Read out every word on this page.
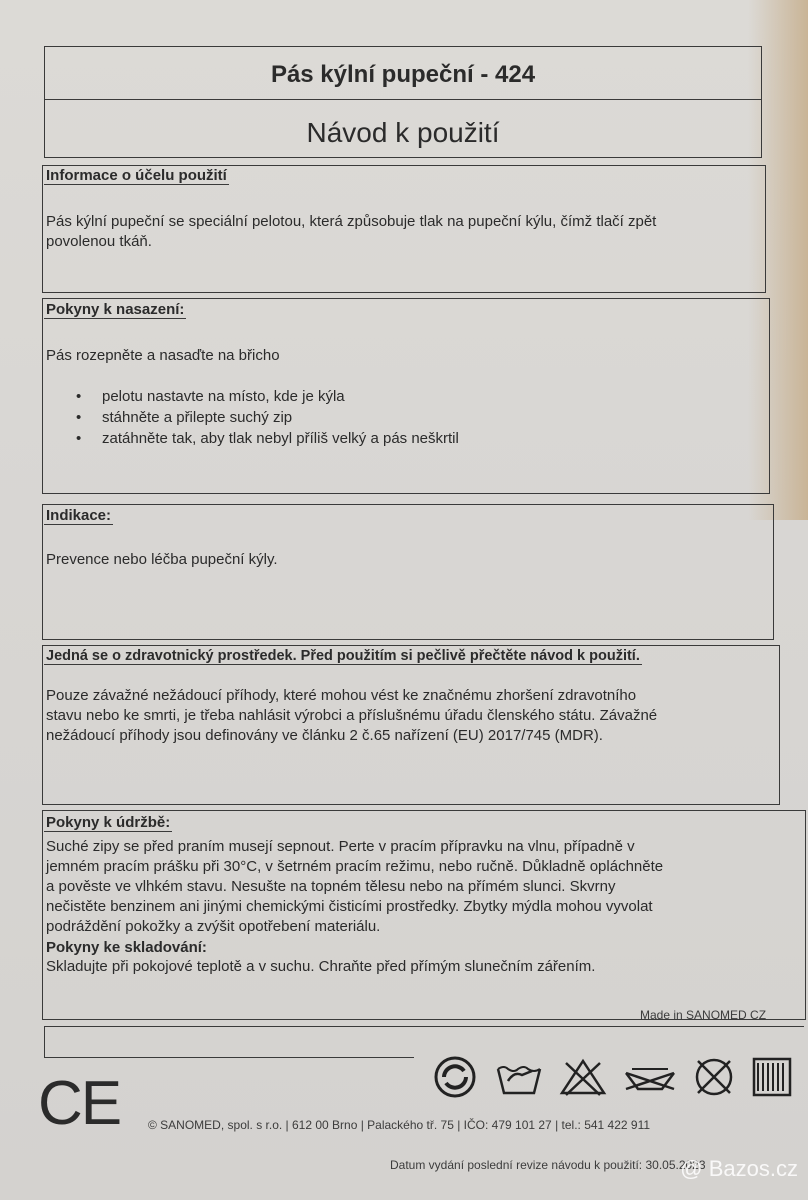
Pás kýlní pupeční - 424
Návod k použití
Informace o účelu použití
Pás kýlní pupeční se speciální pelotou, která způsobuje tlak na pupeční kýlu, čímž tlačí zpět
povolenou tkáň.
Pokyny k nasazení:
Pás rozepněte a nasaďte na břicho
• pelotu nastavte na místo, kde je kýla
• stáhněte a přilepte suchý zip
• zatáhněte tak, aby tlak nebyl příliš velký a pás neškrtil
Indikace:
Prevence nebo léčba pupeční kýly.
Jedná se o zdravotnický prostředek. Před použitím si pečlivě přečtěte návod k použití.
Pouze závažné nežádoucí příhody, které mohou vést ke značnému zhoršení zdravotního
stavu nebo ke smrti, je třeba nahlásit výrobci a příslušnému úřadu členského státu. Závažné
nežádoucí příhody jsou definovány ve článku 2 č.65 nařízení (EU) 2017/745 (MDR).
Pokyny k údržbě:
Suché zipy se před praním musejí sepnout. Perte v pracím přípravku na vlnu, případně v
jemném pracím prášku při 30°C, v šetrném pracím režimu, nebo ručně. Důkladně opláchněte
a pověste ve vlhkém stavu. Nesušte na topném tělesu nebo na přímém slunci. Skvrny
nečistěte benzinem ani jinými chemickými čisticími prostředky. Zbytky mýdla mohou vyvolat
podráždění pokožky a zvýšit opotřebení materiálu.
Pokyny ke skladování:
Skladujte při pokojové teplotě a v suchu. Chraňte před přímým slunečním zářením.
Made in SANOMED CZ
CE © SANOMED, spol. s r.o. | 612 00 Brno | Palackého tř. 75 | IČO: 479 101 27 | tel.: 541 422 911
Datum vydání poslední revize návodu k použití: 30.05.2023
@ Bazos.cz
